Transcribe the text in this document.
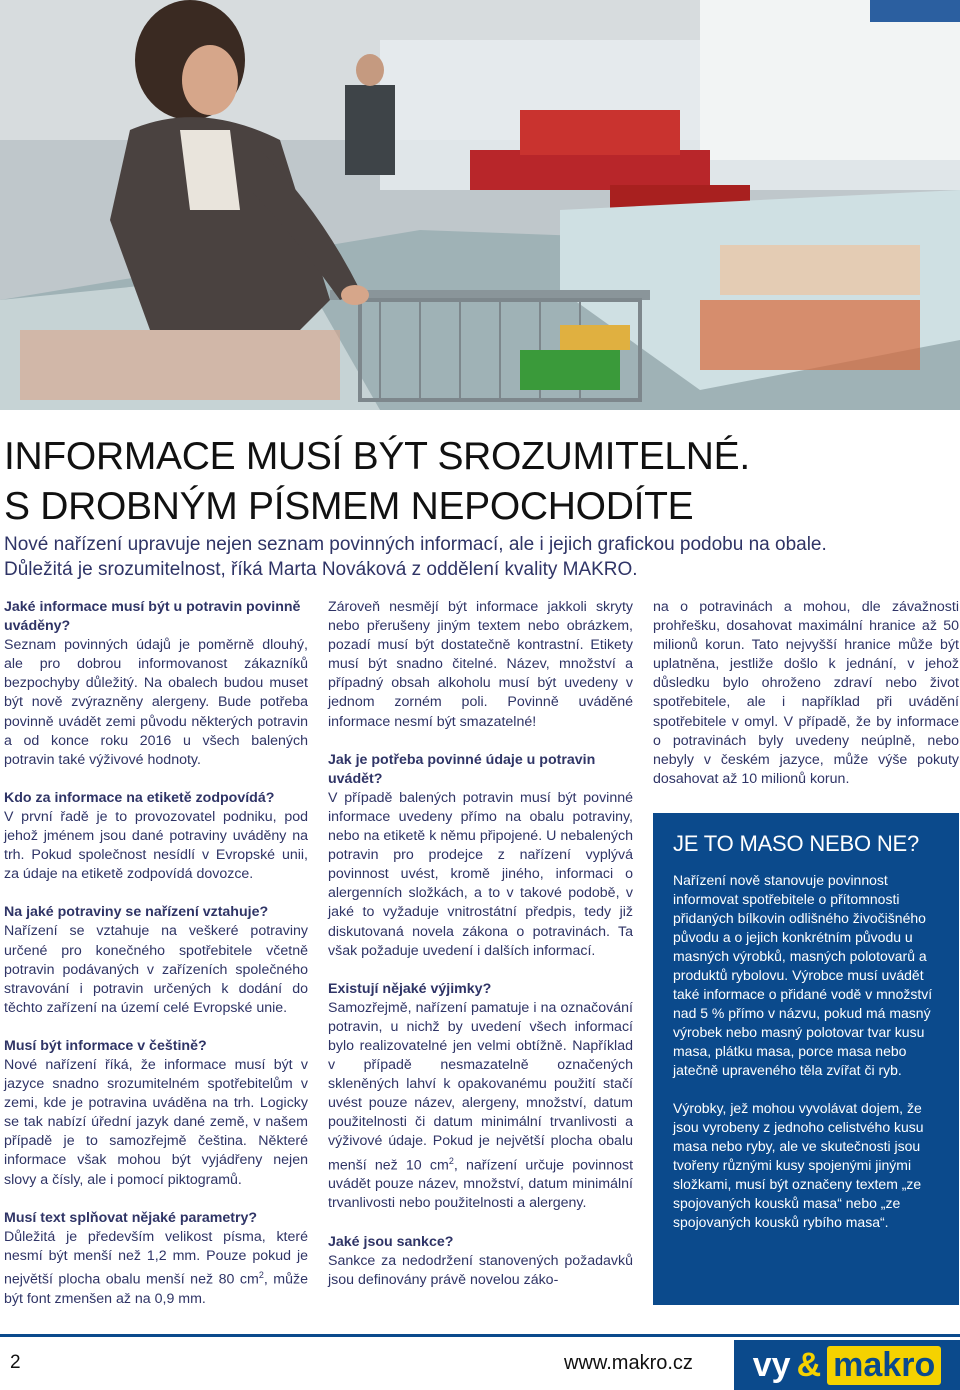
INFORMACE MUSÍ BÝT SROZUMITELNÉ.
S DROBNÝM PÍSMEM NEPOCHODÍTE
Nové nařízení upravuje nejen seznam povinných informací, ale i jejich grafickou podobu na obale.
Důležitá je srozumitelnost, říká Marta Nováková z oddělení kvality MAKRO.
Jaké informace musí být u potravin povinně uváděny?

Seznam povinných údajů je poměrně dlouhý, ale pro dobrou informovanost zákazníků bezpochyby důležitý. Na obalech budou muset být nově zvýrazněny alergeny. Bude potřeba povinně uvádět zemi původu některých potravin a od konce roku 2016 u všech balených potravin také výživové hodnoty.

Kdo za informace na etiketě zodpovídá?

V první řadě je to provozovatel podniku, pod jehož jménem jsou dané potraviny uváděny na trh. Pokud společnost nesídlí v Evropské unii, za údaje na etiketě zodpovídá dovozce.

Na jaké potraviny se nařízení vztahuje?

Nařízení se vztahuje na veškeré potraviny určené pro konečného spotřebitele včetně potravin podávaných v zařízeních společného stravování i potravin určených k dodání do těchto zařízení na území celé Evropské unie.

Musí být informace v češtině?

Nové nařízení říká, že informace musí být v jazyce snadno srozumitelném spotřebitelům v zemi, kde je potravina uváděna na trh. Logicky se tak nabízí úřední jazyk dané země, v našem případě je to samozřejmě čeština. Některé informace však mohou být vyjádřeny nejen slovy a čísly, ale i pomocí piktogramů.

Musí text splňovat nějaké parametry?

Důležitá je především velikost písma, které nesmí být menší než 1,2 mm. Pouze pokud je největší plocha obalu menší než 80 $cm^2$, může být font zmenšen až na 0,9 mm.

Zároveň nesmějí být informace jakkoli skryty nebo přerušeny jiným textem nebo obrázkem, pozadí musí být dostatečně kontrastní. Etikety musí být snadno čitelné. Název, množství a případný obsah alkoholu musí být uvedeny v jednom zorném poli. Povinně uváděné informace nesmí být smazatelné!

Jak je potřeba povinné údaje u potravin uvádět?

V případě balených potravin musí být povinné informace uvedeny přímo na obalu potraviny, nebo na etiketě k němu připojené. U nebalených potravin pro prodejce z nařízení vyplývá povinnost uvést, kromě jiného, informaci o alergenních složkách, a to v takové podobě, v jaké to vyžaduje vnitrostátní předpis, tedy již diskutovaná novela zákona o potravinách. Ta však požaduje uvedení i dalších informací.

Existují nějaké výjimky?

Samozřejmě, nařízení pamatuje i na označování potravin, u nichž by uvedení všech informací bylo realizovatelné jen velmi obtížně. Například v případě nesmazatelně označených skleněných lahví k opakovanému použití stačí uvést pouze název, alergeny, množství, datum použitelnosti či datum minimální trvanlivosti a výživové údaje. Pokud je největší plocha obalu menší než 10 $cm^2$, nařízení určuje povinnost uvádět pouze název, množství, datum minimální trvanlivosti nebo použitelnosti a alergeny.

Jaké jsou sankce?

Sankce za nedodržení stanovených požadavků jsou definovány právě novelou záko-

na o potravinách a mohou, dle závažnosti prohřešku, dosahovat maximální hranice až 50 milionů korun. Tato nejvyšší hranice může být uplatněna, jestliže došlo k jednání, v jehož důsledku bylo ohroženo zdraví nebo život spotřebitele, ale i například při uvádění spotřebitele v omyl. V případě, že by informace o potravinách byly uvedeny neúplně, nebo nebyly v českém jazyce, může výše pokuty dosahovat až 10 milionů korun.

JE TO MASO NEBO NE?

Nařízení nově stanovuje povinnost informovat spotřebitele o přítomnosti přidaných bílkovin odlišného živočišného původu a o jejich konkrétním původu u masných výrobků, masných polotovarů a produktů rybolovu. Výrobce musí uvádět také informace o přidané vodě v množství nad 5 % přímo v názvu, pokud má masný výrobek nebo masný polotovar tvar kusu masa, plátku masa, porce masa nebo jatečně upraveného těla zvířat či ryb.

Výrobky, jež mohou vyvolávat dojem, že jsou vyrobeny z jednoho celistvého kusu masa nebo ryby, ale ve skutečnosti jsou tvořeny různými kusy spojenými jinými složkami, musí být označeny textem „ze spojovaných kousků masa“ nebo „ze spojovaných kousků rybího masa“.

2	www.makro.cz vy & makro
